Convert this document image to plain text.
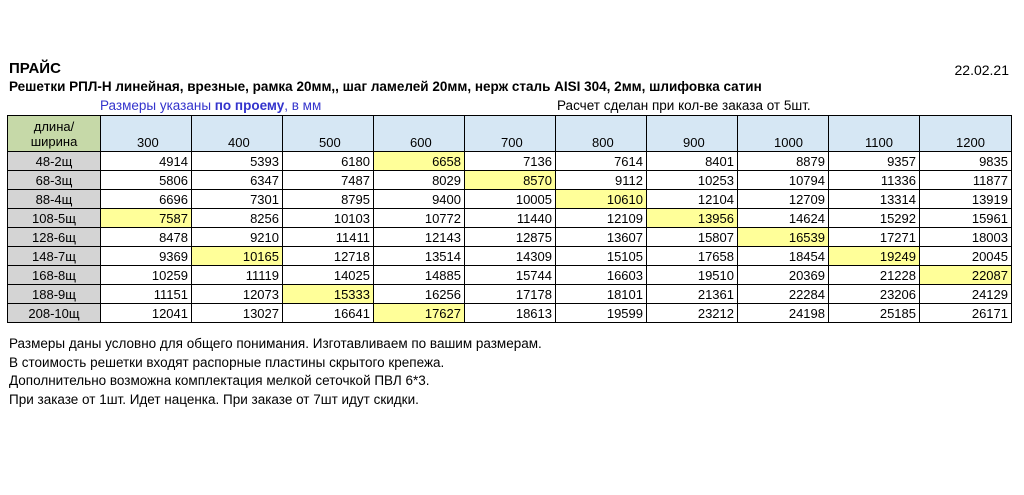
ПРАЙС	22.02.21
Решетки РПЛ-Н линейная, врезные, рамка 20мм,, шаг ламелей 20мм, нерж сталь AISI 304, 2мм, шлифовка сатин
Размеры указаны по проему, в мм	Расчет сделан при кол-ве заказа от 5шт.
длина/
ширина	300	400	500	600	700	800	900	1000	1100	1200
48-2щ	4914	5393	6180	6658	7136	7614	8401	8879	9357	9835
68-3щ	5806	6347	7487	8029	8570	9112	10253	10794	11336	11877
88-4щ	6696	7301	8795	9400	10005	10610	12104	12709	13314	13919
108-5щ	7587	8256	10103	10772	11440	12109	13956	14624	15292	15961
128-6щ	8478	9210	11411	12143	12875	13607	15807	16539	17271	18003
148-7щ	9369	10165	12718	13514	14309	15105	17658	18454	19249	20045
168-8щ	10259	11119	14025	14885	15744	16603	19510	20369	21228	22087
188-9щ	11151	12073	15333	16256	17178	18101	21361	22284	23206	24129
208-10щ	12041	13027	16641	17627	18613	19599	23212	24198	25185	26171
Размеры даны условно для общего понимания. Изготавливаем по вашим размерам.
В стоимость решетки входят распорные пластины скрытого крепежа.
Дополнительно возможна комплектация мелкой сеточкой ПВЛ 6*3.
При заказе от 1шт. Идет наценка. При заказе от 7шт идут скидки.
